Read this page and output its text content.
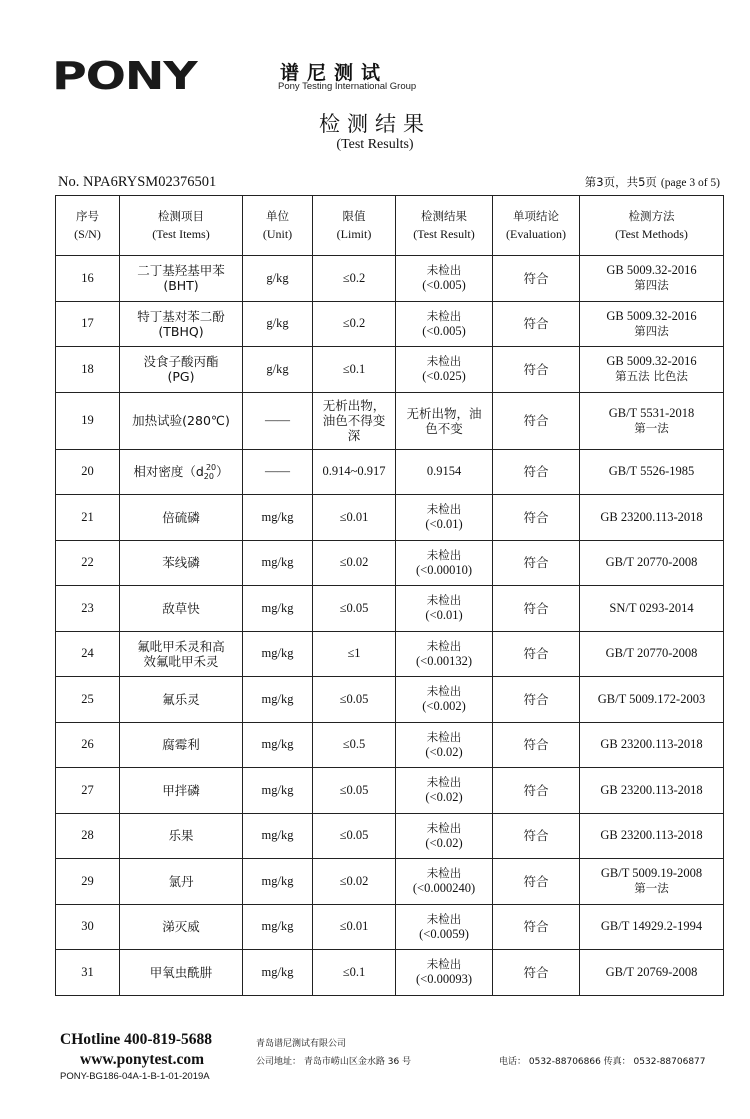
PONY	谱尼测试
Pony Testing International Group
检测结果
(Test Results)
No. NPA6RYSM02376501	第3页，共5页 (page 3 of 5)
序号
(S/N)	检测项目
(Test Items)	单位
(Unit)	限值
(Limit)	检测结果
(Test Result)	单项结论
(Evaluation)	检测方法
(Test Methods)

16	二丁基羟基甲苯
(BHT)	g/kg	≤0.2	未检出
(<0.005)	符合	GB 5009.32-2016
第四法

17	特丁基对苯二酚
(TBHQ)	g/kg	≤0.2	未检出
(<0.005)	符合	GB 5009.32-2016
第四法

18	没食子酸丙酯
(PG)	g/kg	≤0.1	未检出
(<0.025)	符合	GB 5009.32-2016
第五法 比色法

19	加热试验(280℃)	——	无析出物，
油色不得变
深	无析出物，油
色不变	符合	GB/T 5531-2018
第一法

20	相对密度$(d_{20}^{20})$	——	0.914~0.917	0.9154	符合	GB/T 5526-1985

21	倍硫磷	mg/kg	≤0.01	未检出
(<0.01)	符合	GB 23200.113-2018

22	苯线磷	mg/kg	≤0.02	未检出
(<0.00010)	符合	GB/T 20770-2008

23	敌草快	mg/kg	≤0.05	未检出
(<0.01)	符合	SN/T 0293-2014

24	氟吡甲禾灵和高
效氟吡甲禾灵	mg/kg	≤1	未检出
(<0.00132)	符合	GB/T 20770-2008

25	氟乐灵	mg/kg	≤0.05	未检出
(<0.002)	符合	GB/T 5009.172-2003

26	腐霉利	mg/kg	≤0.5	未检出
(<0.02)	符合	GB 23200.113-2018

27	甲拌磷	mg/kg	≤0.05	未检出
(<0.02)	符合	GB 23200.113-2018

28	乐果	mg/kg	≤0.05	未检出
(<0.02)	符合	GB 23200.113-2018

29	氯丹	mg/kg	≤0.02	未检出
(<0.000240)	符合	GB/T 5009.19-2008
第一法

30	涕灭威	mg/kg	≤0.01	未检出
(<0.0059)	符合	GB/T 14929.2-1994

31	甲氧虫酰肼	mg/kg	≤0.1	未检出
(<0.00093)	符合	GB/T 20769-2008
CHotline 400-819-5688
www.ponytest.com
PONY-BG186-04A-1-B-1-01-2019A
青岛谱尼测试有限公司
公司地址： 青岛市崂山区金水路 36 号	电话： 0532-88706866 传真： 0532-88706877
